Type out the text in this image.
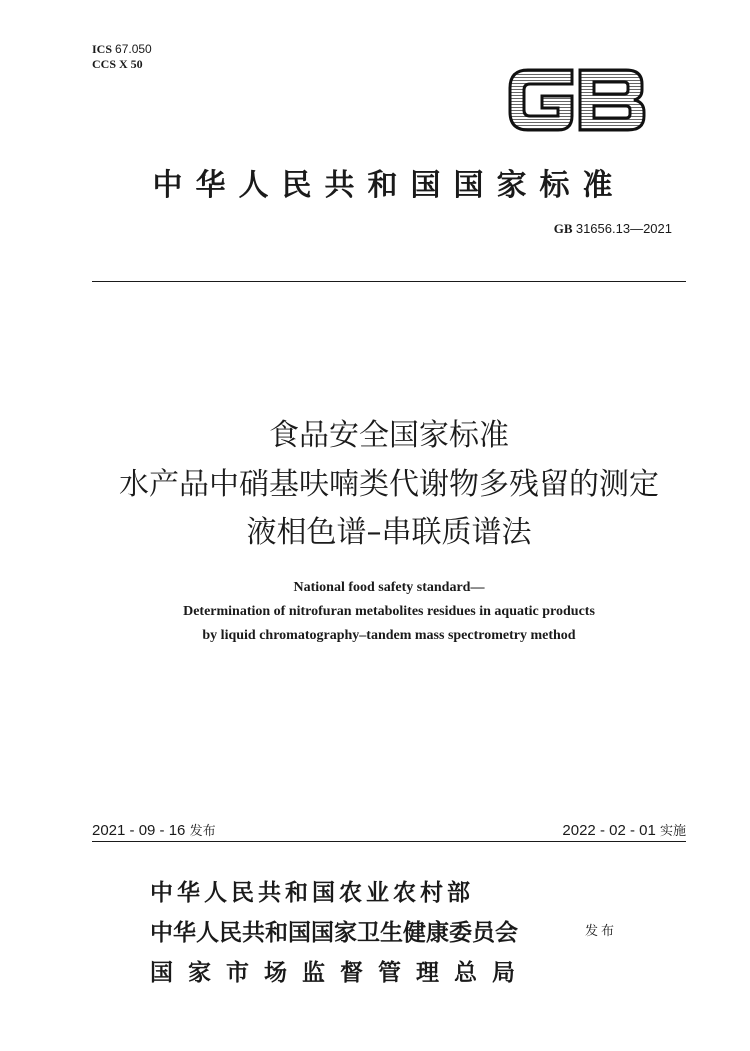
ICS 67.050
CCS X 50
中华人民共和国国家标准
GB 31656.13—2021
食品安全国家标准
水产品中硝基呋喃类代谢物多残留的测定
液相色谱–串联质谱法
National food safety standard—
Determination of nitrofuran metabolites residues in aquatic products
by liquid chromatography–tandem mass spectrometry method
2021 - 09 - 16 发布	2022 - 02 - 01 实施
中华人民共和国农业农村部
中华人民共和国国家卫生健康委员会
国家市场监督管理总局
发布
